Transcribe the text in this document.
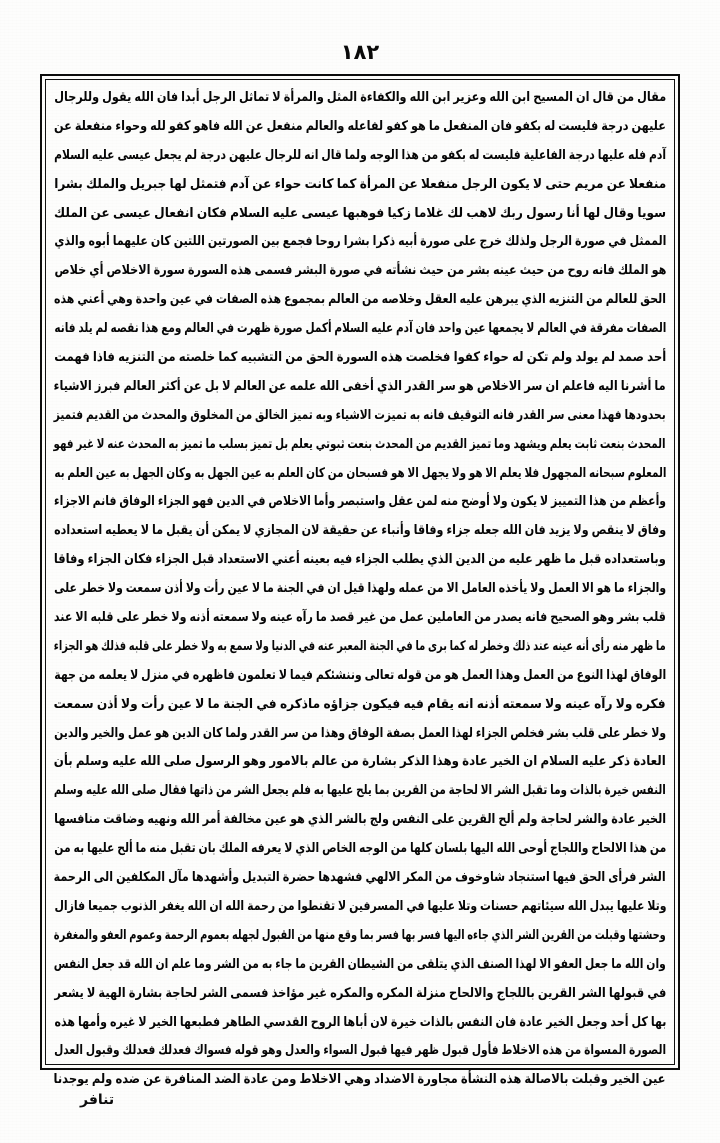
١٨٢
مقال من قال ان المسيح ابن الله وعزير ابن الله والكفاءة المثل والمرأة لا تماثل الرجل أبدا فان الله يقول وللرجال
عليهن درجة فليست له بكفو فان المنفعل ما هو كفو لفاعله والعالم منفعل عن الله فاهو كفو لله وحواء منفعلة عن
آدم فله عليها درجة الفاعلية فليست له بكفو من هذا الوجه ولما قال انه للرجال عليهن درجة لم يجعل عيسى عليه السلام
منفعلا عن مريم حتى لا يكون الرجل منفعلا عن المرأة كما كانت حواء عن آدم فتمثل لها جبريل والملك بشرا
سويا وقال لها أنا رسول ربك لاهب لك غلاما زكيا فوهبها عيسى عليه السلام فكان انفعال عيسى عن الملك
الممثل في صورة الرجل ولذلك خرج على صورة أبيه ذكرا بشرا روحا فجمع بين الصورتين اللتين كان عليهما أبوه والذي
هو الملك فانه روح من حيث عينه بشر من حيث نشأته في صورة البشر فسمى هذه السورة سورة الاخلاص أي خلاص
الحق للعالم من التنزيه الذي يبرهن عليه العقل وخلاصه من العالم بمجموع هذه الصفات في عين واحدة وهي أعني هذه
الصفات مفرقة في العالم لا يجمعها عين واحد فان آدم عليه السلام أكمل صورة ظهرت في العالم ومع هذا نقصه لم يلد فانه
أحد صمد لم يولد ولم تكن له حواء كفوا فخلصت هذه السورة الحق من التشبيه كما خلصته من التنزيه فاذا فهمت
ما أشرنا اليه فاعلم ان سر الاخلاص هو سر القدر الذي أخفى الله علمه عن العالم لا بل عن أكثر العالم فبرز الاشياء
بحدودها فهذا معنى سر القدر فانه التوقيف فانه به تميزت الاشياء وبه تميز الخالق من المخلوق والمحدث من القديم فتميز
المحدث بنعت ثابت يعلم ويشهد وما تميز القديم من المحدث بنعت ثبوتي يعلم بل تميز بسلب ما تميز به المحدث عنه لا غير فهو
المعلوم سبحانه المجهول فلا يعلم الا هو ولا يجهل الا هو فسبحان من كان العلم به عين الجهل به وكان الجهل به عين العلم به
وأعظم من هذا التمييز لا يكون ولا أوضح منه لمن عقل واستبصر وأما الاخلاص في الدين فهو الجزاء الوفاق فانم الاجزاء
وفاق لا ينقص ولا يزيد فان الله جعله جزاء وفاقا وأنباء عن حقيقة لان المجازي لا يمكن أن يقبل ما لا يعطيه استعداده
وباستعداده قبل ما ظهر عليه من الدين الذي يطلب الجزاء فيه بعينه أعني الاستعداد قبل الجزاء فكان الجزاء وفاقا
والجزاء ما هو الا العمل ولا يأخذه العامل الا من عمله ولهذا قيل ان في الجنة ما لا عين رأت ولا أذن سمعت ولا خطر على
قلب بشر وهو الصحيح فانه يصدر من العاملين عمل من غير قصد ما رآه عينه ولا سمعته أذنه ولا خطر على قلبه الا عند
ما ظهر منه رأى أنه عينه عند ذلك وخطر له كما برى ما في الجنة المعبر عنه في الدنيا ولا سمع به ولا خطر على قلبه فذلك هو الجزاء
الوفاق لهذا النوع من العمل وهذا العمل هو من قوله تعالى وننشئكم فيما لا تعلمون فاظهره في منزل لا يعلمه من جهة
فكره ولا رآه عينه ولا سمعته أذنه انه يقام فيه فيكون جزاؤه ماذكره في الجنة ما لا عين رأت ولا أذن سمعت
ولا خطر على قلب بشر فخلص الجزاء لهذا العمل بصفة الوفاق وهذا من سر القدر ولما كان الدين هو عمل والخير والدين
العادة ذكر عليه السلام ان الخير عادة وهذا الذكر بشارة من عالم بالامور وهو الرسول صلى الله عليه وسلم بأن
النفس خيرة بالذات وما تقبل الشر الا لحاجة من القرين بما يلح عليها به فلم يجعل الشر من ذاتها فقال صلى الله عليه وسلم
الخير عادة والشر لحاجة ولم ألح القرين على النفس ولج بالشر الذي هو عين مخالفة أمر الله ونهيه وضاقت منافسها
من هذا الالحاح واللجاج أوحى الله اليها بلسان كلها من الوجه الخاص الذي لا يعرفه الملك بان تقبل منه ما ألح عليها به من
الشر فرأى الحق فيها استنجاد شاوخوف من المكر الالهي فشهدها حضرة التبديل وأشهدها مآل المكلفين الى الرحمة
وتلا عليها يبدل الله سيئاتهم حسنات وتلا عليها في المسرفين لا تقنطوا من رحمة الله ان الله يغفر الذنوب جميعا فازال
وحشتها وقبلت من القرين الشر الذي جاءه اليها فسر بها فسر بما وقع منها من القبول لجهله بعموم الرحمة وعموم العفو والمغفرة
وان الله ما جعل العفو الا لهذا الصنف الذي يتلقى من الشيطان القرين ما جاء به من الشر وما علم ان الله قد جعل النفس
في قبولها الشر القرين باللجاج والالحاح منزلة المكره والمكره غير مؤاخذ فسمى الشر لحاجة بشارة الهية لا يشعر
بها كل أحد وجعل الخير عادة فان النفس بالذات خيرة لان أباها الروح القدسي الطاهر فطبعها الخير لا غيره وأمها هذه
الصورة المسواة من هذه الاخلاط فأول قبول ظهر فيها قبول السواء والعدل وهو قوله فسواك فعدلك فعدلك وقبول العدل
عين الخير وقبلت بالاصالة هذه النشأة مجاورة الاضداد وهي الاخلاط ومن عادة الضد المنافرة عن ضده ولم يوجدنا
تنافر
